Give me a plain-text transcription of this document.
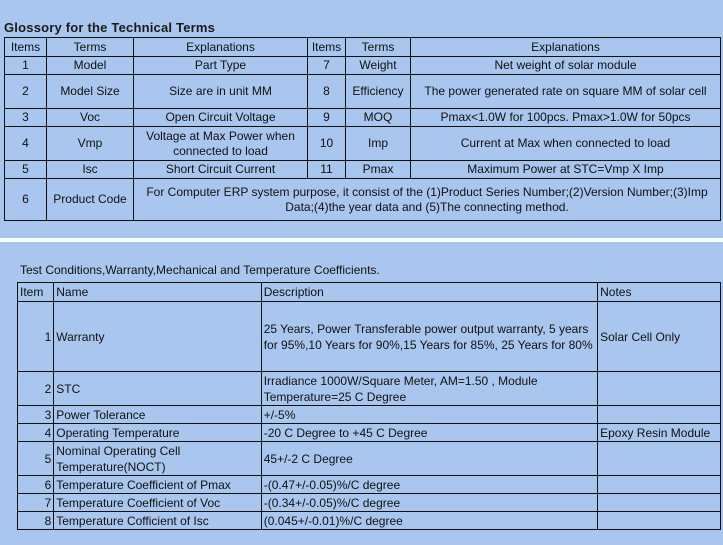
Glossory for the Technical Terms
Items	Terms	Explanations	Items	Terms	Explanations
1	Model	Part Type	7	Weight	Net weight of solar module
2	Model Size	Size are in unit MM	8	Efficiency	The power generated rate on square MM of solar cell
3	Voc	Open Circuit Voltage	9	MOQ	Pmax<1.0W for 100pcs. Pmax>1.0W for 50pcs
4	Vmp	Voltage at Max Power when connected to load	10	Imp	Current at Max when connected to load
5	Isc	Short Circuit Current	11	Pmax	Maximum Power at STC=Vmp X Imp
6	Product Code	For Computer ERP system purpose, it consist of the (1)Product Series Number;(2)Version Number;(3)Imp Data;(4)the year data and (5)The connecting method.			
Test Conditions,Warranty,Mechanical and Temperature Coefficients.
Item	Name	Description	Notes
1	Warranty	25 Years, Power Transferable power output warranty, 5 years for 95%,10 Years for 90%,15 Years for 85%, 25 Years for 80%	Solar Cell Only
2	STC	Irradiance 1000W/Square Meter, AM=1.50 , Module Temperature=25 C Degree	
3	Power Tolerance	+/-5%	
4	Operating Temperature	-20 C Degree to +45 C Degree	Epoxy Resin Module
5	Nominal Operating Cell Temperature(NOCT)	45+/-2 C Degree	
6	Temperature Coefficient of Pmax	-(0.47+/-0.05)%/C degree	
7	Temperature Coefficient of Voc	-(0.34+/-0.05)%/C degree	
8	Temperature Cofficient of Isc	(0.045+/-0.01)%/C degree	
